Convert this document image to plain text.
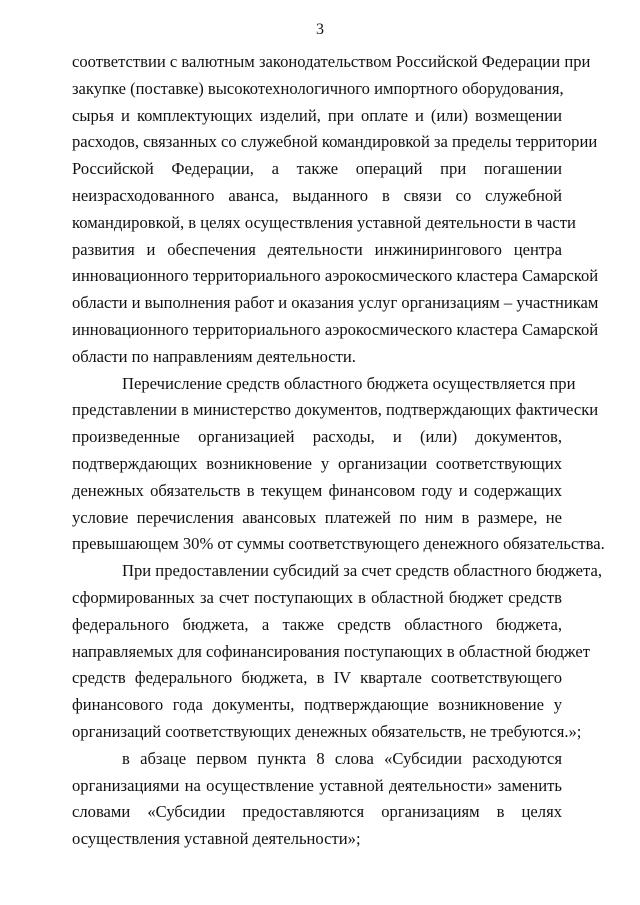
3
соответствии с валютным законодательством Российской Федерации при
закупке (поставке) высокотехнологичного импортного оборудования,
сырья и комплектующих изделий, при оплате и (или) возмещении
расходов, связанных со служебной командировкой за пределы территории
Российской Федерации, а также операций при погашении
неизрасходованного аванса, выданного в связи со служебной
командировкой, в целях осуществления уставной деятельности в части
развития и обеспечения деятельности инжинирингового центра
инновационного территориального аэрокосмического кластера Самарской
области и выполнения работ и оказания услуг организациям – участникам
инновационного территориального аэрокосмического кластера Самарской
области по направлениям деятельности.
Перечисление средств областного бюджета осуществляется при
представлении в министерство документов, подтверждающих фактически
произведенные организацией расходы, и (или) документов,
подтверждающих возникновение у организации соответствующих
денежных обязательств в текущем финансовом году и содержащих
условие перечисления авансовых платежей по ним в размере, не
превышающем 30% от суммы соответствующего денежного обязательства.
При предоставлении субсидий за счет средств областного бюджета,
сформированных за счет поступающих в областной бюджет средств
федерального бюджета, а также средств областного бюджета,
направляемых для софинансирования поступающих в областной бюджет
средств федерального бюджета, в IV квартале соответствующего
финансового года документы, подтверждающие возникновение у
организаций соответствующих денежных обязательств, не требуются.»;
в абзаце первом пункта 8 слова «Субсидии расходуются
организациями на осуществление уставной деятельности» заменить
словами «Субсидии предоставляются организациям в целях
осуществления уставной деятельности»;
